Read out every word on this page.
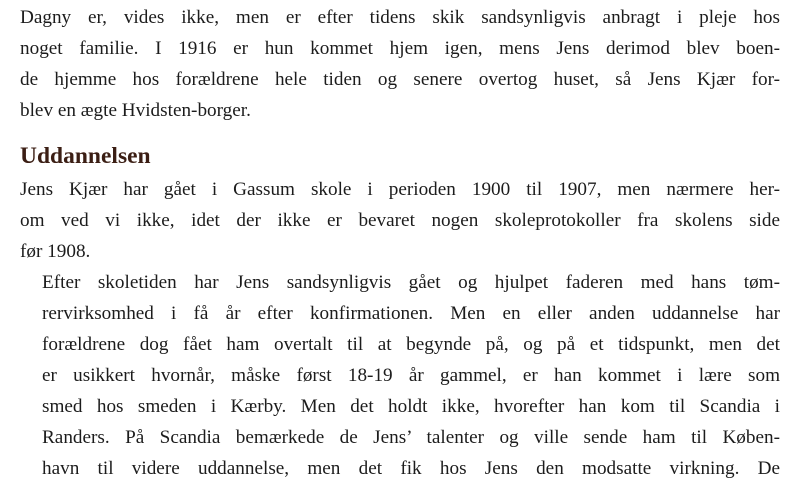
Dagny er, vides ikke, men er efter tidens skik sandsynligvis anbragt i pleje hos
noget familie. I 1916 er hun kommet hjem igen, mens Jens derimod blev boen-
de hjemme hos forældrene hele tiden og senere overtog huset, så Jens Kjær for-
blev en ægte Hvidsten-borger.

Uddannelsen

Jens Kjær har gået i Gassum skole i perioden 1900 til 1907, men nærmere her-
om ved vi ikke, idet der ikke er bevaret nogen skoleprotokoller fra skolens side
før 1908.

Efter skoletiden har Jens sandsynligvis gået og hjulpet faderen med hans tøm-
rervirksomhed i få år efter konfirmationen. Men en eller anden uddannelse har
forældrene dog fået ham overtalt til at begynde på, og på et tidspunkt, men det
er usikkert hvornår, måske først 18-19 år gammel, er han kommet i lære som
smed hos smeden i Kærby. Men det holdt ikke, hvorefter han kom til Scandia i
Randers. På Scandia bemærkede de Jens’ talenter og ville sende ham til Køben-
havn til videre uddannelse, men det fik hos Jens den modsatte virkning. De
